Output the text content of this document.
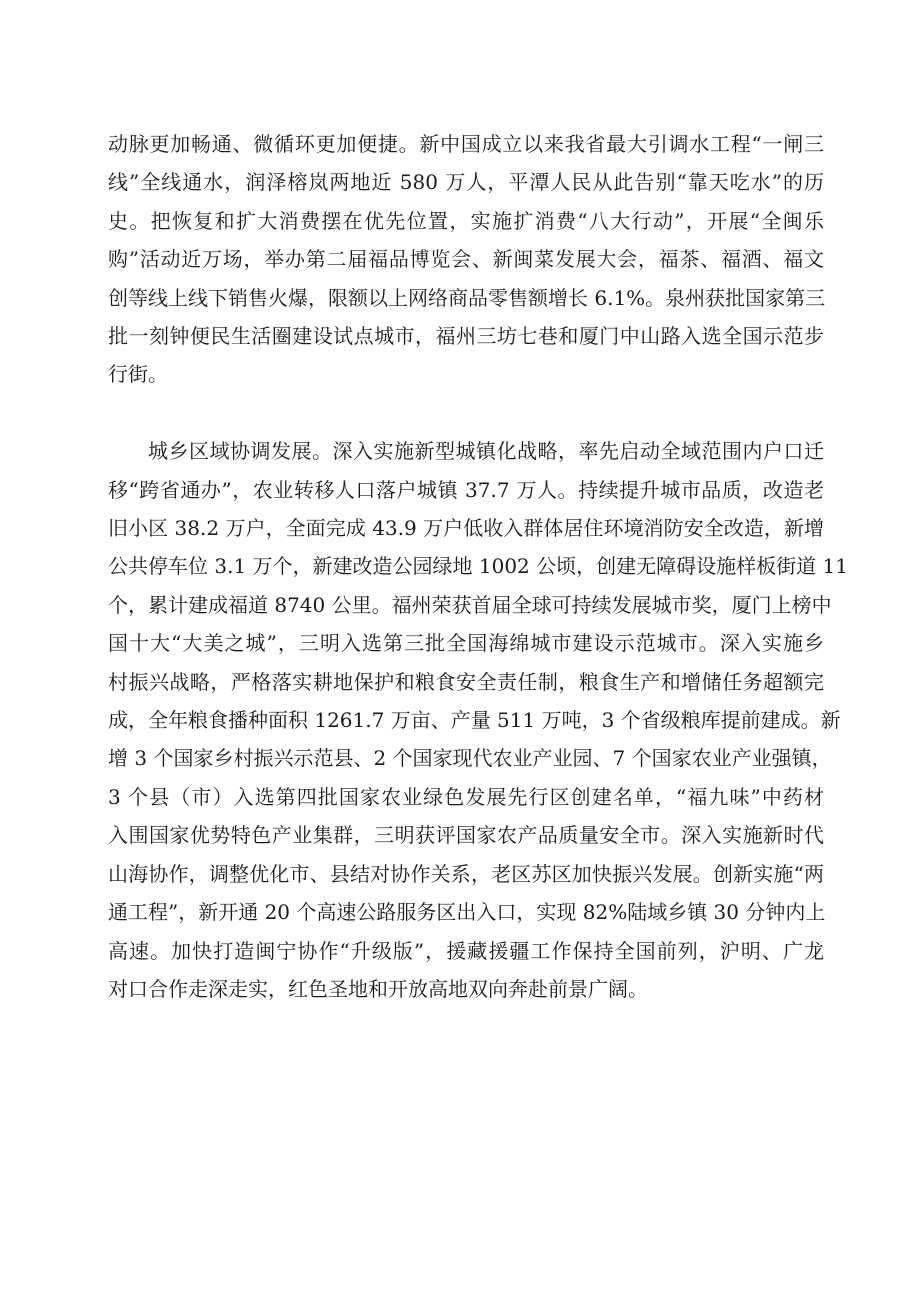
动脉更加畅通、微循环更加便捷。新中国成立以来我省最大引调水工程“一闸三
线”全线通水，润泽榕岚两地近 580 万人，平潭人民从此告别“靠天吃水”的历
史。把恢复和扩大消费摆在优先位置，实施扩消费“八大行动”，开展“全闽乐
购”活动近万场，举办第二届福品博览会、新闽菜发展大会，福茶、福酒、福文
创等线上线下销售火爆，限额以上网络商品零售额增长 6.1%。泉州获批国家第三
批一刻钟便民生活圈建设试点城市，福州三坊七巷和厦门中山路入选全国示范步
行街。
城乡区域协调发展。深入实施新型城镇化战略，率先启动全域范围内户口迁
移“跨省通办”，农业转移人口落户城镇 37.7 万人。持续提升城市品质，改造老
旧小区 38.2 万户，全面完成 43.9 万户低收入群体居住环境消防安全改造，新增
公共停车位 3.1 万个，新建改造公园绿地 1002 公顷，创建无障碍设施样板街道 11
个，累计建成福道 8740 公里。福州荣获首届全球可持续发展城市奖，厦门上榜中
国十大“大美之城”，三明入选第三批全国海绵城市建设示范城市。深入实施乡
村振兴战略，严格落实耕地保护和粮食安全责任制，粮食生产和增储任务超额完
成，全年粮食播种面积 1261.7 万亩、产量 511 万吨，3 个省级粮库提前建成。新
增 3 个国家乡村振兴示范县、2 个国家现代农业产业园、7 个国家农业产业强镇，
3 个县（市）入选第四批国家农业绿色发展先行区创建名单，“福九味”中药材
入围国家优势特色产业集群，三明获评国家农产品质量安全市。深入实施新时代
山海协作，调整优化市、县结对协作关系，老区苏区加快振兴发展。创新实施“两
通工程”，新开通 20 个高速公路服务区出入口，实现 82%陆域乡镇 30 分钟内上
高速。加快打造闽宁协作“升级版”，援藏援疆工作保持全国前列，沪明、广龙
对口合作走深走实，红色圣地和开放高地双向奔赴前景广阔。
